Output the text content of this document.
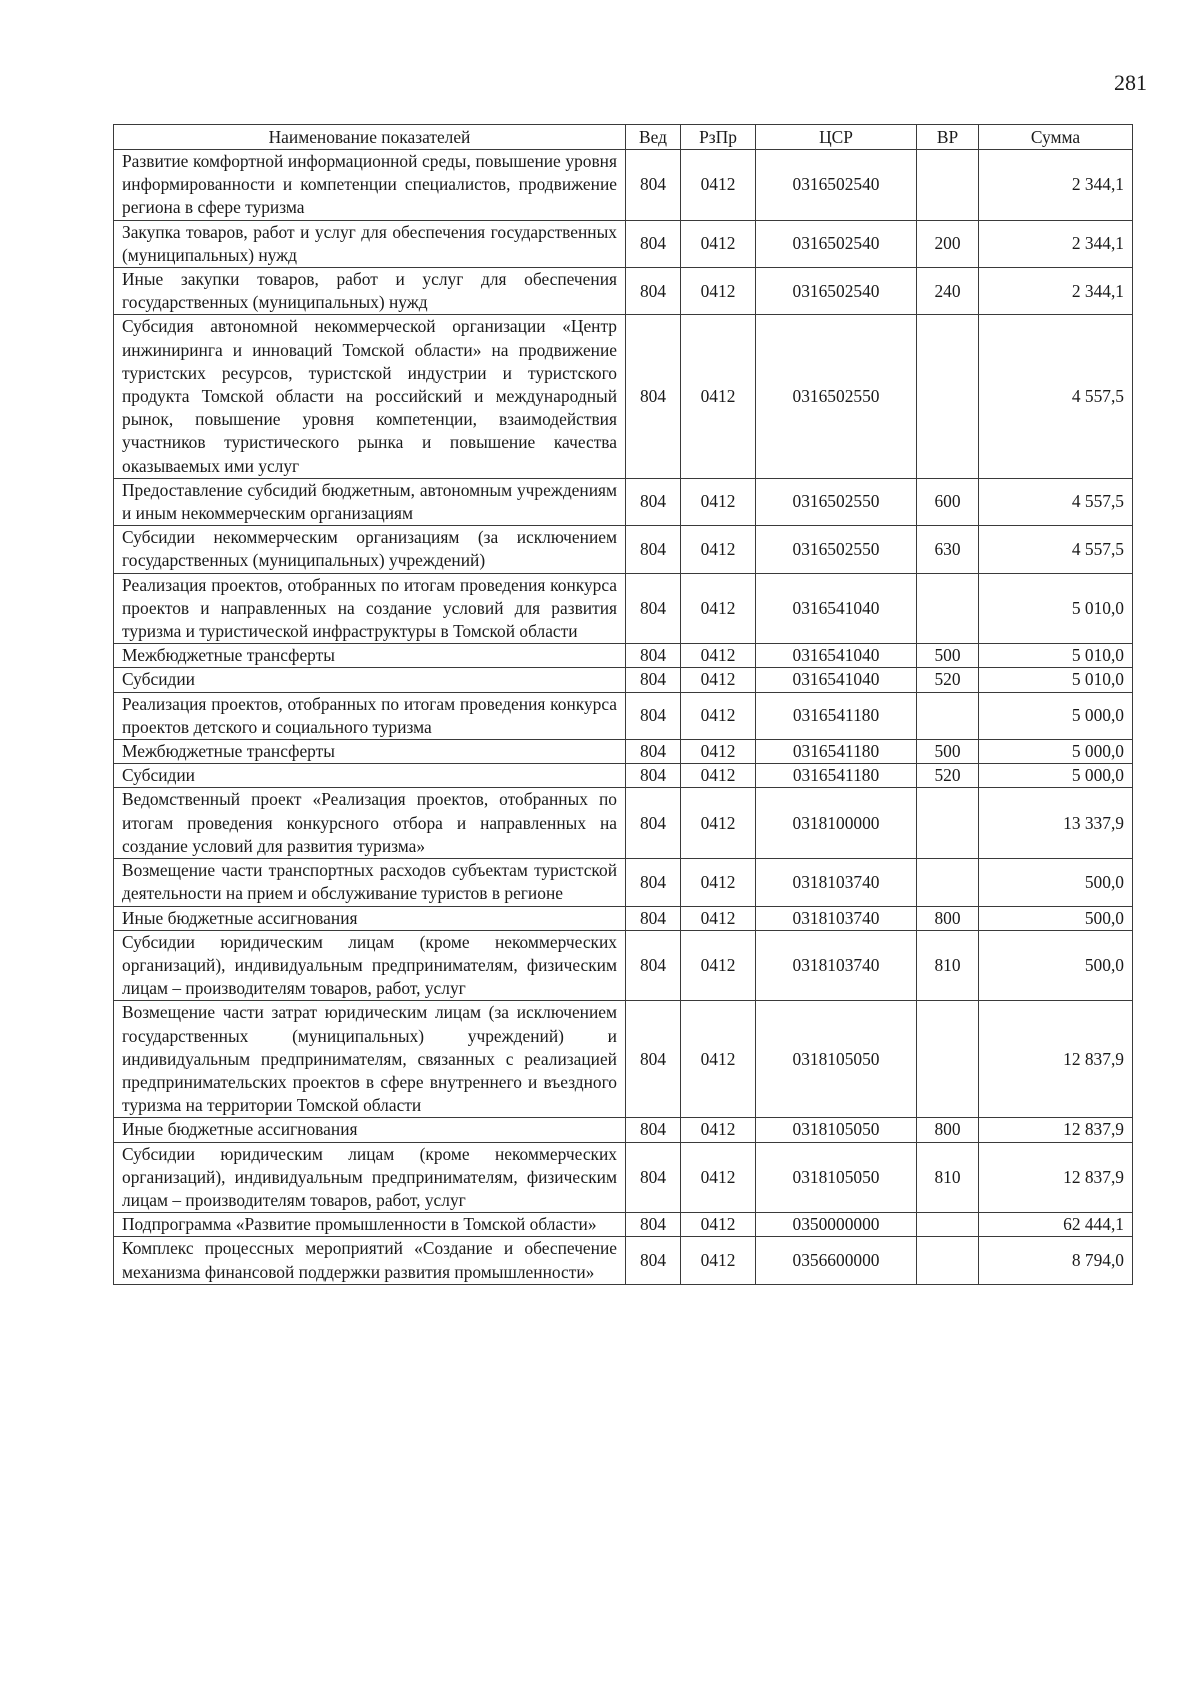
281
Наименование показателей	Вед	РзПр	ЦСР	ВР	Сумма
Развитие комфортной информационной среды, повышение уровня информированности и компетенции специалистов, продвижение региона в сфере туризма	804	0412	0316502540		2 344,1
Закупка товаров, работ и услуг для обеспечения государственных (муниципальных) нужд	804	0412	0316502540	200	2 344,1
Иные закупки товаров, работ и услуг для обеспечения государственных (муниципальных) нужд	804	0412	0316502540	240	2 344,1
Субсидия автономной некоммерческой организации «Центр инжиниринга и инноваций Томской области» на продвижение туристских ресурсов, туристской индустрии и туристского продукта Томской области на российский и международный рынок, повышение уровня компетенции, взаимодействия участников туристического рынка и повышение качества оказываемых ими услуг	804	0412	0316502550		4 557,5
Предоставление субсидий бюджетным, автономным учреждениям и иным некоммерческим организациям	804	0412	0316502550	600	4 557,5
Субсидии некоммерческим организациям (за исключением государственных (муниципальных) учреждений)	804	0412	0316502550	630	4 557,5
Реализация проектов, отобранных по итогам проведения конкурса проектов и направленных на создание условий для развития туризма и туристической инфраструктуры в Томской области	804	0412	0316541040		5 010,0
Межбюджетные трансферты	804	0412	0316541040	500	5 010,0
Субсидии	804	0412	0316541040	520	5 010,0
Реализация проектов, отобранных по итогам проведения конкурса проектов детского и социального туризма	804	0412	0316541180		5 000,0
Межбюджетные трансферты	804	0412	0316541180	500	5 000,0
Субсидии	804	0412	0316541180	520	5 000,0
Ведомственный проект «Реализация проектов, отобранных по итогам проведения конкурсного отбора и направленных на создание условий для развития туризма»	804	0412	0318100000		13 337,9
Возмещение части транспортных расходов субъектам туристской деятельности на прием и обслуживание туристов в регионе	804	0412	0318103740		500,0
Иные бюджетные ассигнования	804	0412	0318103740	800	500,0
Субсидии юридическим лицам (кроме некоммерческих организаций), индивидуальным предпринимателям, физическим лицам – производителям товаров, работ, услуг	804	0412	0318103740	810	500,0
Возмещение части затрат юридическим лицам (за исключением государственных (муниципальных) учреждений) и индивидуальным предпринимателям, связанных с реализацией предпринимательских проектов в сфере внутреннего и въездного туризма на территории Томской области	804	0412	0318105050		12 837,9
Иные бюджетные ассигнования	804	0412	0318105050	800	12 837,9
Субсидии юридическим лицам (кроме некоммерческих организаций), индивидуальным предпринимателям, физическим лицам – производителям товаров, работ, услуг	804	0412	0318105050	810	12 837,9
Подпрограмма «Развитие промышленности в Томской области»	804	0412	0350000000		62 444,1
Комплекс процессных мероприятий «Создание и обеспечение механизма финансовой поддержки развития промышленности»	804	0412	0356600000		8 794,0
